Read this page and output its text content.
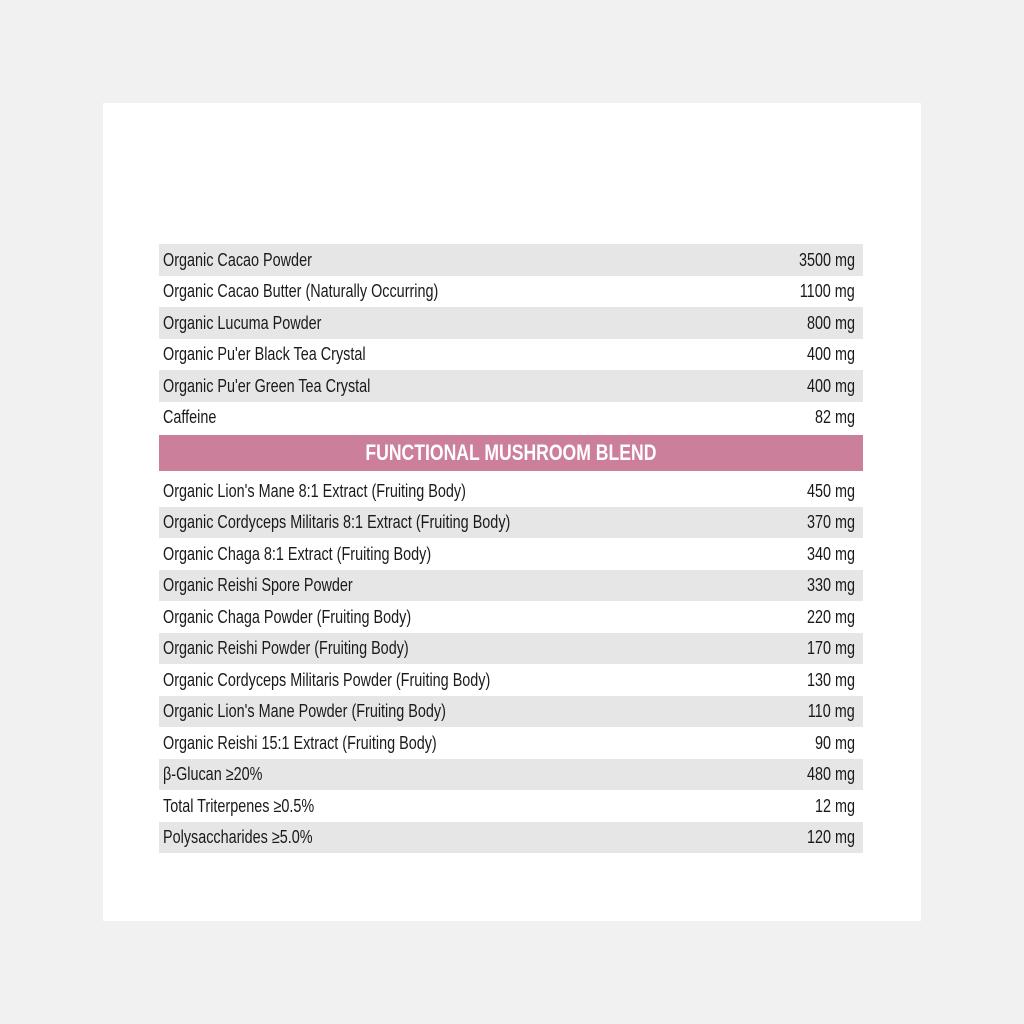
Organic Cacao Powder	3500 mg
Organic Cacao Butter (Naturally Occurring)	1100 mg
Organic Lucuma Powder	800 mg
Organic Pu'er Black Tea Crystal	400 mg
Organic Pu'er Green Tea Crystal	400 mg
Caffeine	82 mg
FUNCTIONAL MUSHROOM BLEND
Organic Lion's Mane 8:1 Extract (Fruiting Body)	450 mg
Organic Cordyceps Militaris 8:1 Extract (Fruiting Body)	370 mg
Organic Chaga 8:1 Extract (Fruiting Body)	340 mg
Organic Reishi Spore Powder	330 mg
Organic Chaga Powder (Fruiting Body)	220 mg
Organic Reishi Powder (Fruiting Body)	170 mg
Organic Cordyceps Militaris Powder (Fruiting Body)	130 mg
Organic Lion's Mane Powder (Fruiting Body)	110 mg
Organic Reishi 15:1 Extract (Fruiting Body)	90 mg
β-Glucan ≥20%	480 mg
Total Triterpenes ≥0.5%	12 mg
Polysaccharides ≥5.0%	120 mg
